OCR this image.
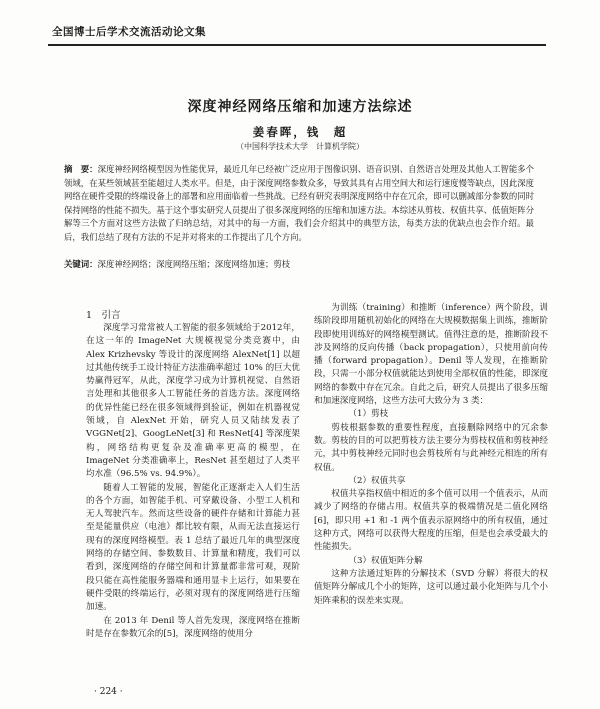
全国博士后学术交流活动论文集
深度神经网络压缩和加速方法综述
姜春晖，钱　超
（中国科学技术大学　计算机学院）
摘　要：深度神经网络模型因为性能优异，最近几年已经被广泛应用于图像识别、语音识别、自然语言处理及其他人工智能多个领域，在某些领域甚至能超过人类水平。但是，由于深度网络参数众多，导致其具有占用空间大和运行速度慢等缺点，因此深度网络在硬件受限的终端设备上的部署和应用面临着一些挑战。已经有研究表明深度网络中存在冗余，即可以删减部分参数的同时保持网络的性能不损失。基于这个事实研究人员提出了很多深度网络的压缩和加速方法。本综述从剪枝、权值共享、低值矩阵分解等三个方面对这些方法做了归纳总结，对其中的每一方面，我们会介绍其中的典型方法，每类方法的优缺点也会作介绍。最后，我们总结了现有方法的不足并对将来的工作提出了几个方向。
关键词：深度神经网络；深度网络压缩；深度网络加速；剪枝
1　引言

深度学习常常被人工智能的很多领域给于2012年，在这一年的 ImageNet 大规模视觉分类竞赛中，由 Alex Krizhevsky 等设计的深度网络 AlexNet[1] 以超过其他传统手工设计特征方法准确率超过 10% 的巨大优势赢得冠军，从此，深度学习成为计算机视觉、自然语言处理和其他很多人工智能任务的首选方法。深度网络的优异性能已经在很多领域得到验证，例如在机器视觉领域，自 AlexNet 开始，研究人员又陆续发表了 VGGNet[2]、GoogLeNet[3] 和 ResNet[4] 等深度架构，网络结构更复杂及准确率更高的模型，在 ImageNet 分类准确率上，ResNet 甚至超过了人类平均水准（96.5% vs. 94.9%）。

随着人工智能的发展，智能化正逐渐走入人们生活的各个方面，如智能手机、可穿戴设备、小型工人机和无人驾驶汽车。然而这些设备的硬件存储和计算能力甚至是能量供应（电池）都比较有限，从而无法直接运行现有的深度网络模型。表 1 总结了最近几年的典型深度网络的存储空间、参数数目、计算量和精度，我们可以看到，深度网络的存储空间和计算量都非常可观，现阶段只能在高性能服务器端和通用显卡上运行，如果要在硬件受限的终端运行，必须对现有的深度网络进行压缩加速。

在 2013 年 Denil 等人首先发现，深度网络在推断时是存在参数冗余的[5]，深度网络的使用分

为训练（training）和推断（inference）两个阶段，训练阶段即用随机初始化的网络在大规模数据集上训练，推断阶段即使用训练好的网络模型测试。值得注意的是，推断阶段不涉及网络的反向传播（back propagation），只使用前向传播（forward propagation）。Denil 等人发现，在推断阶段，只需一小部分权值就能达到使用全部权值的性能，即深度网络的参数中存在冗余。自此之后，研究人员提出了很多压缩和加速深度网络，这些方法可大致分为 3 类：

（1）剪枝

剪枝根据参数的重要性程度，直接删除网络中的冗余参数。剪枝的目的可以把剪枝方法主要分为剪枝权值和剪枝神经元，其中剪枝神经元同时也会剪枝所有与此神经元相连的所有权值。

（2）权值共享

权值共享指权值中相近的多个值可以用一个值表示，从而减少了网络的存储占用。权值共享的极端情况是二值化网络[6]，即只用 +1 和 -1 两个值表示原网络中的所有权值，通过这种方式，网络可以获得大程度的压缩，但是也会承受最大的性能损失。

（3）权值矩阵分解

这种方法通过矩阵的分解技术（SVD 分解）将很大的权值矩阵分解成几个小的矩阵，这可以通过最小化矩阵与几个小矩阵乘积的误差来实现。

· 224 ·
